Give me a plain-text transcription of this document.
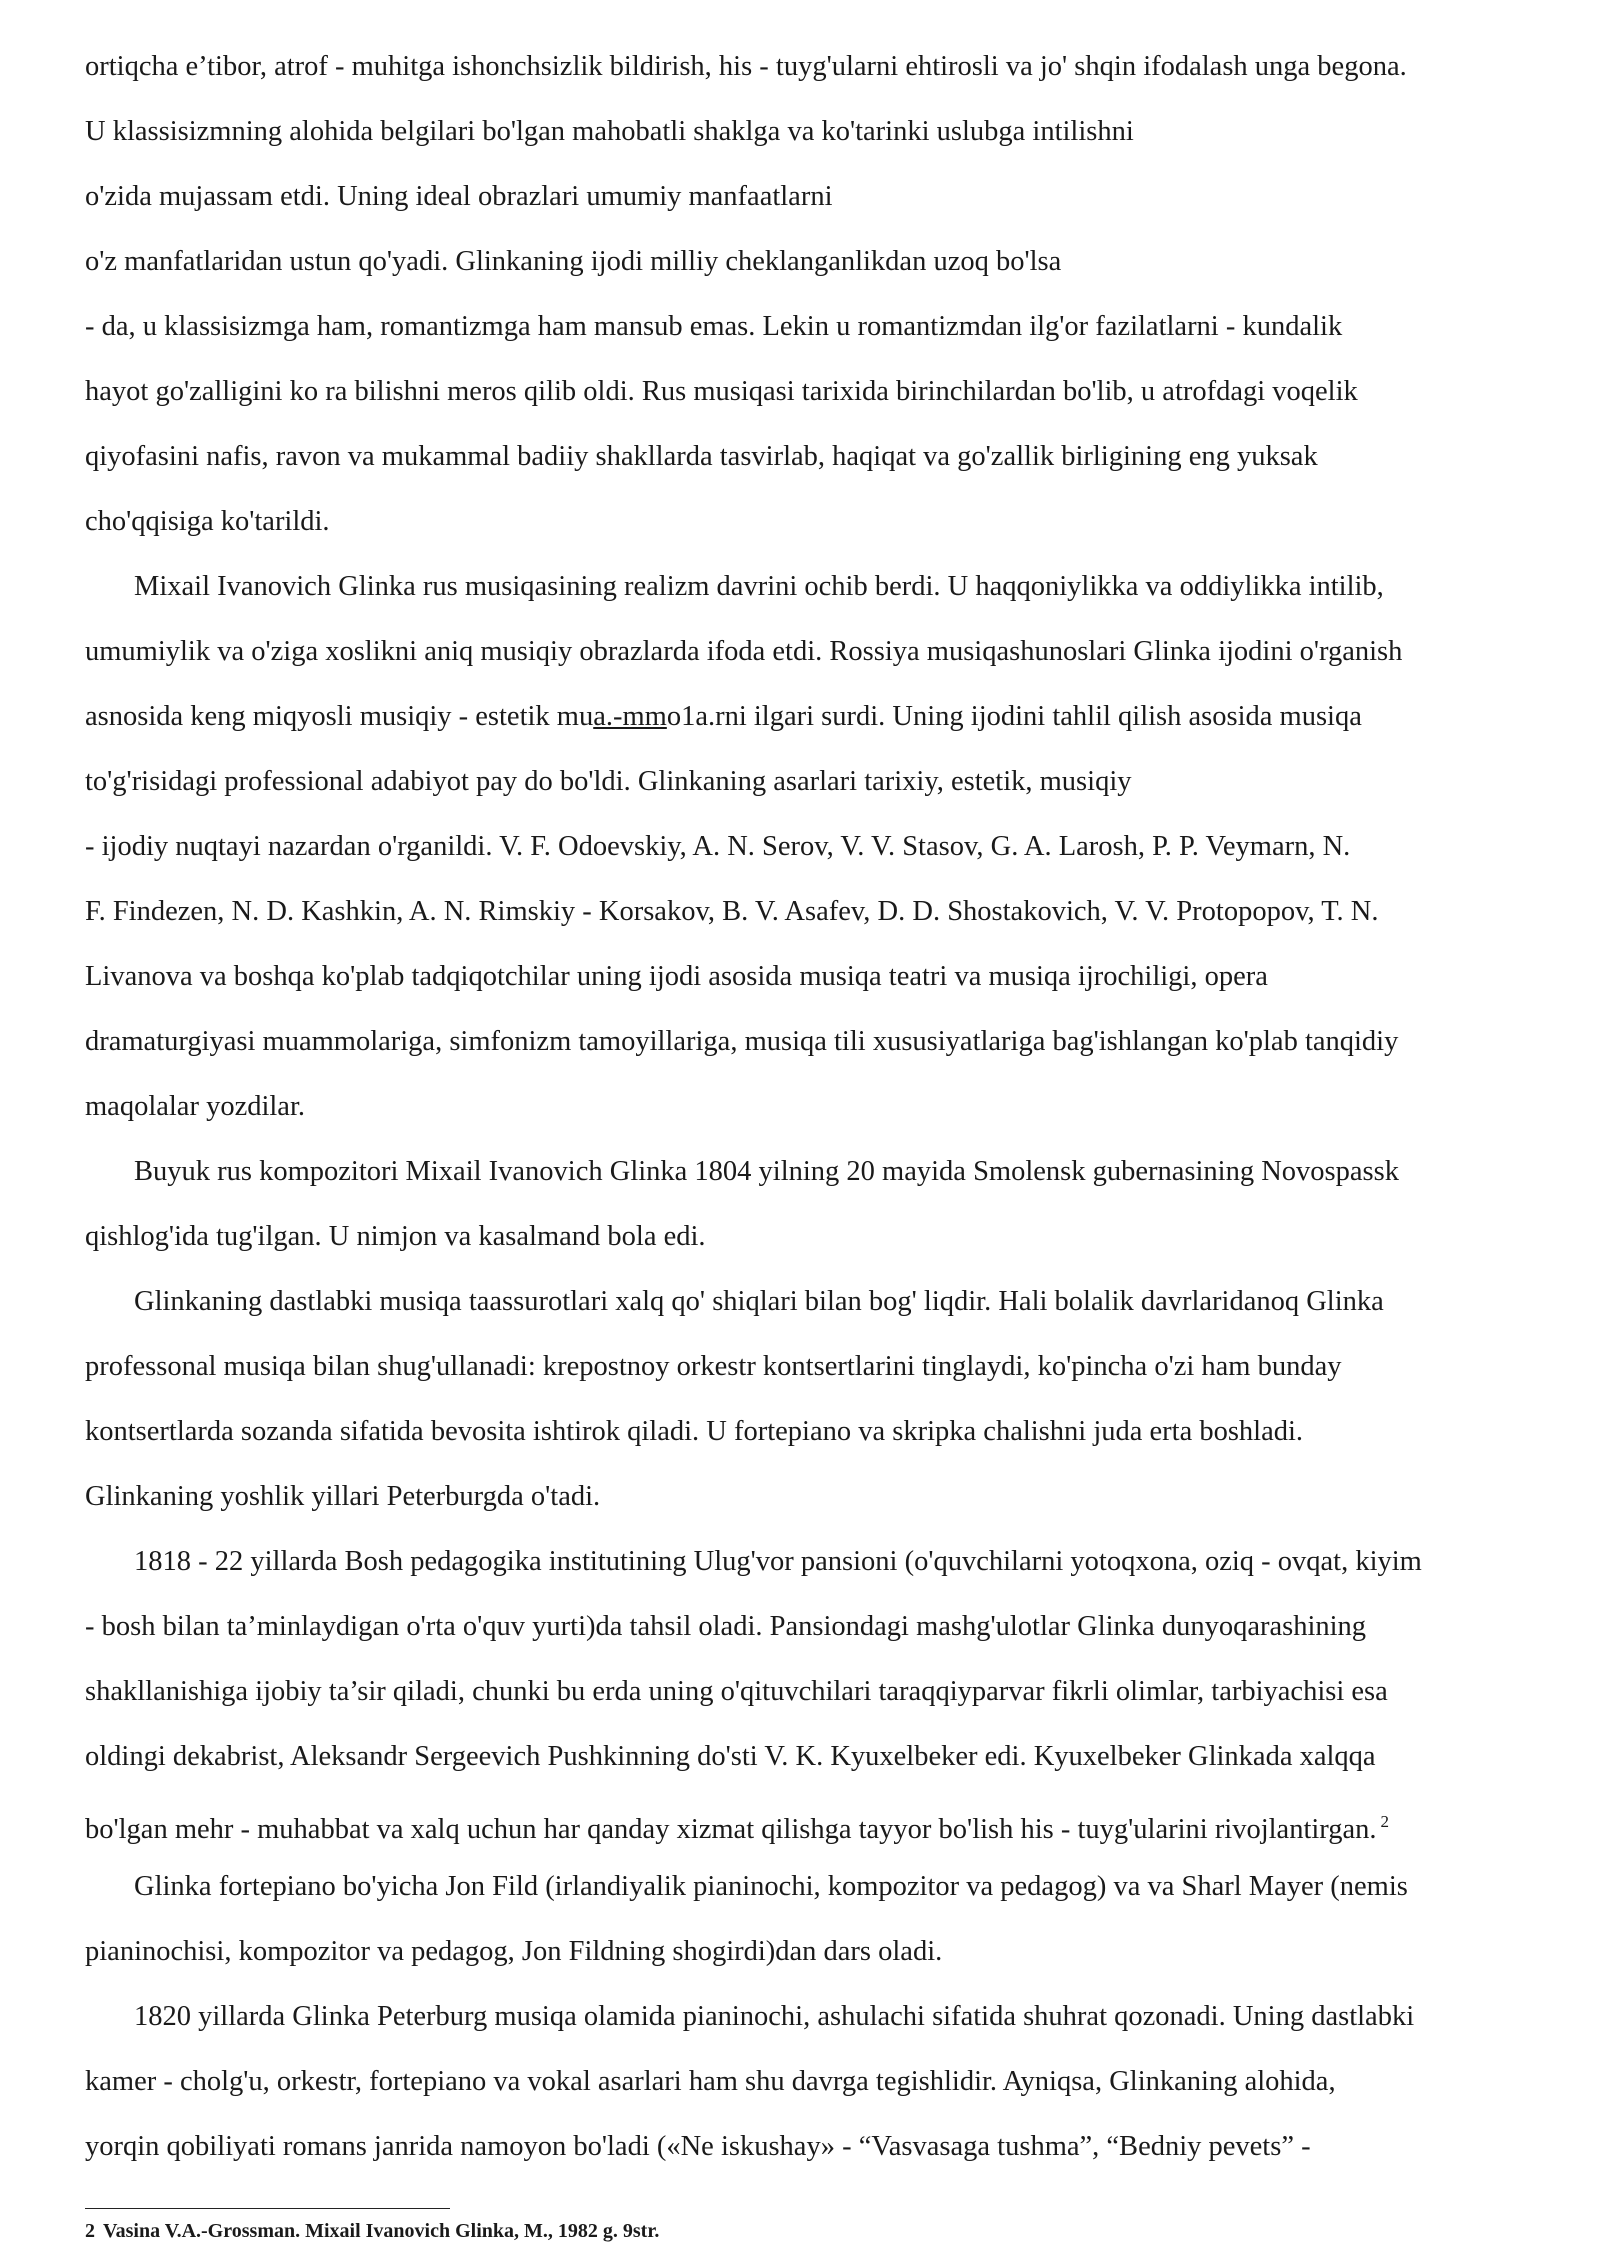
ortiqcha e’tibor, atrof - muhitga ishonchsizlik bildirish, his - tuyg'ularni ehtirosli va jo' shqin ifodalash unga begona.
U klassisizmning alohida belgilari bo'lgan mahobatli shaklga va ko'tarinki uslubga intilishni
o'zida mujassam etdi. Uning ideal obrazlari umumiy manfaatlarni
o'z manfatlaridan ustun qo'yadi. Glinkaning ijodi milliy cheklanganlikdan uzoq bo'lsa
- da, u klassisizmga ham, romantizmga ham mansub emas. Lekin u romantizmdan ilg'or fazilatlarni - kundalik
hayot go'zalligini ko ra bilishni meros qilib oldi. Rus musiqasi tarixida birinchilardan bo'lib, u atrofdagi voqelik
qiyofasini nafis, ravon va mukammal badiiy shakllarda tasvirlab, haqiqat va go'zallik birligining eng yuksak
cho'qqisiga ko'tarildi.
Mixail Ivanovich Glinka rus musiqasining realizm davrini ochib berdi. U haqqoniylikka va oddiylikka intilib,
umumiylik va o'ziga xoslikni aniq musiqiy obrazlarda ifoda etdi. Rossiya musiqashunoslari Glinka ijodini o'rganish
asnosida keng miqyosli musiqiy - estetik mua.-mmo1a.rni ilgari surdi. Uning ijodini tahlil qilish asosida musiqa
to'g'risidagi professional adabiyot pay do bo'ldi. Glinkaning asarlari tarixiy, estetik, musiqiy
- ijodiy nuqtayi nazardan o'rganildi. V. F. Odoevskiy, A. N. Serov, V. V. Stasov, G. A. Larosh, P. P. Veymarn, N.
F. Findezen, N. D. Kashkin, A. N. Rimskiy - Korsakov, B. V. Asafev, D. D. Shostakovich, V. V. Protopopov, T. N.
Livanova va boshqa ko'plab tadqiqotchilar uning ijodi asosida musiqa teatri va musiqa ijrochiligi, opera
dramaturgiyasi muammolariga, simfonizm tamoyillariga, musiqa tili xususiyatlariga bag'ishlangan ko'plab tanqidiy
maqolalar yozdilar.
Buyuk rus kompozitori Mixail Ivanovich Glinka 1804 yilning 20 mayida Smolensk gubernasining Novospassk
qishlog'ida tug'ilgan. U nimjon va kasalmand bola edi.
Glinkaning dastlabki musiqa taassurotlari xalq qo' shiqlari bilan bog' liqdir. Hali bolalik davrlaridanoq Glinka
professonal musiqa bilan shug'ullanadi: krepostnoy orkestr kontsertlarini tinglaydi, ko'pincha o'zi ham bunday
kontsertlarda sozanda sifatida bevosita ishtirok qiladi. U fortepiano va skripka chalishni juda erta boshladi.
Glinkaning yoshlik yillari Peterburgda o'tadi.
1818 - 22 yillarda Bosh pedagogika institutining Ulug'vor pansioni (o'quvchilarni yotoqxona, oziq - ovqat, kiyim
- bosh bilan ta’minlaydigan o'rta o'quv yurti)da tahsil oladi. Pansiondagi mashg'ulotlar Glinka dunyoqarashining
shakllanishiga ijobiy ta’sir qiladi, chunki bu erda uning o'qituvchilari taraqqiyparvar fikrli olimlar, tarbiyachisi esa
oldingi dekabrist, Aleksandr Sergeevich Pushkinning do'sti V. K. Kyuxelbeker edi. Kyuxelbeker Glinkada xalqqa
bo'lgan mehr - muhabbat va xalq uchun har qanday xizmat qilishga tayyor bo'lish his - tuyg'ularini rivojlantirgan. $^2$
Glinka fortepiano bo'yicha Jon Fild (irlandiyalik pianinochi, kompozitor va pedagog) va va Sharl Mayer (nemis
pianinochisi, kompozitor va pedagog, Jon Fildning shogirdi)dan dars oladi.
1820 yillarda Glinka Peterburg musiqa olamida pianinochi, ashulachi sifatida shuhrat qozonadi. Uning dastlabki
kamer - cholg'u, orkestr, fortepiano va vokal asarlari ham shu davrga tegishlidir. Ayniqsa, Glinkaning alohida,
yorqin qobiliyati romans janrida namoyon bo'ladi («Ne iskushay» - “Vasvasaga tushma”, “Bedniy pevets” -
2 Vasina V.A.-Grossman. Mixail Ivanovich Glinka, M., 1982 g. 9str.
